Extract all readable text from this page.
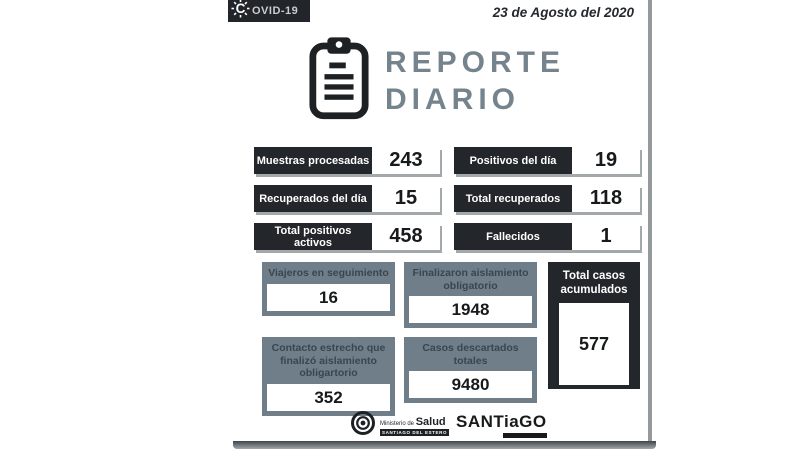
C OVID-19	23 de Agosto del 2020
REPORTE
DIARIO
Muestras procesadas	243
Recuperados del día	15
Total positivos activos	458
Positivos del día	19
Total recuperados	118
Fallecidos	1
Viajeros en seguimiento
16
Finalizaron aislamiento obligatorio
1948
Contacto estrecho que finalizó aislamiento obligartorio
352
Casos descartados totales
9480
Total casos acumulados
577
Ministerio de Salud
SANTIAGO DEL ESTERO
SANTiaGO
